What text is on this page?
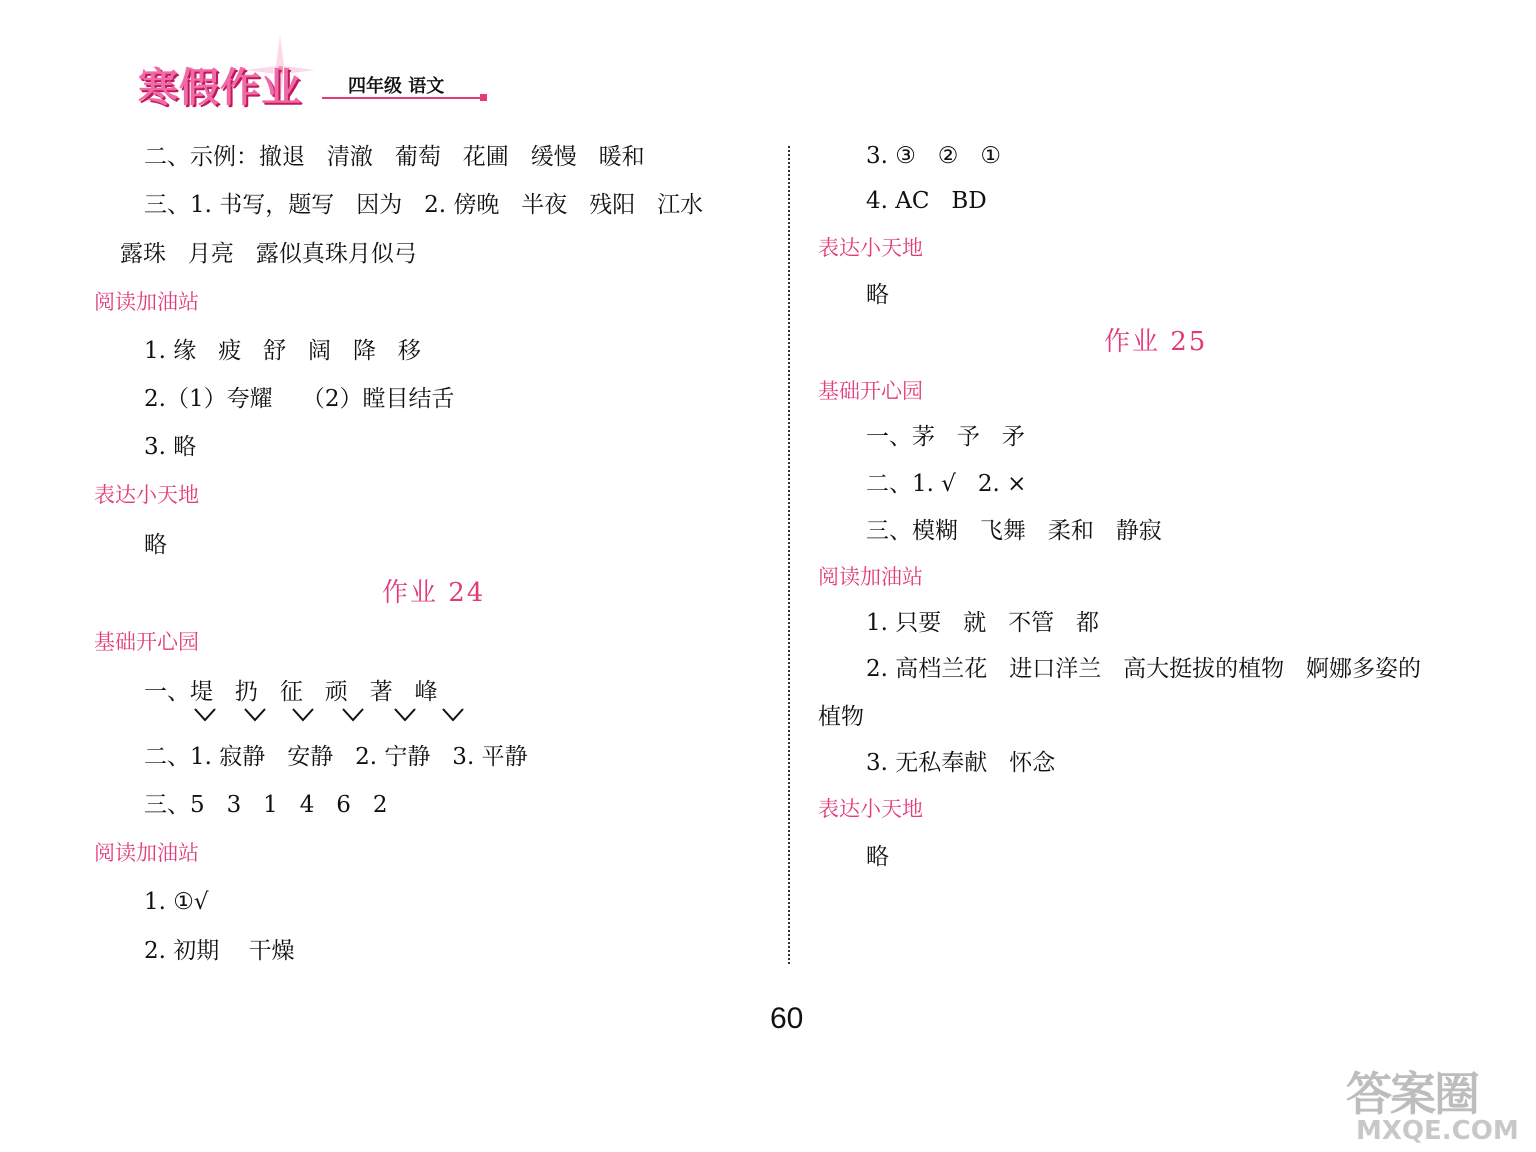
寒假作业	四年级 语文
二、示例：撤退   清澈   葡萄   花圃   缓慢   暖和
三、1. 书写，题写   因为   2. 傍晚   半夜   残阳   江水
露珠   月亮   露似真珠月似弓
阅读加油站
1. 缘   疲   舒   阔   降   移
2.（1）夸耀    （2）瞠目结舌
3. 略
表达小天地
略
作业 24
基础开心园
一、堤   扔   征   顽   著   峰
二、1. 寂静   安静   2. 宁静   3. 平静
三、5   3   1   4   6   2
阅读加油站
1. ①√
2. 初期    干燥
3. ③   ②   ①
4. AC   BD
表达小天地
略
作业 25
基础开心园
一、茅   予   矛
二、1. √   2. ×
三、模糊   飞舞   柔和   静寂
阅读加油站
1. 只要   就   不管   都
2. 高档兰花   进口洋兰   高大挺拔的植物   婀娜多姿的
植物
3. 无私奉献   怀念
表达小天地
略
60
答案圈
MXQE.COM
